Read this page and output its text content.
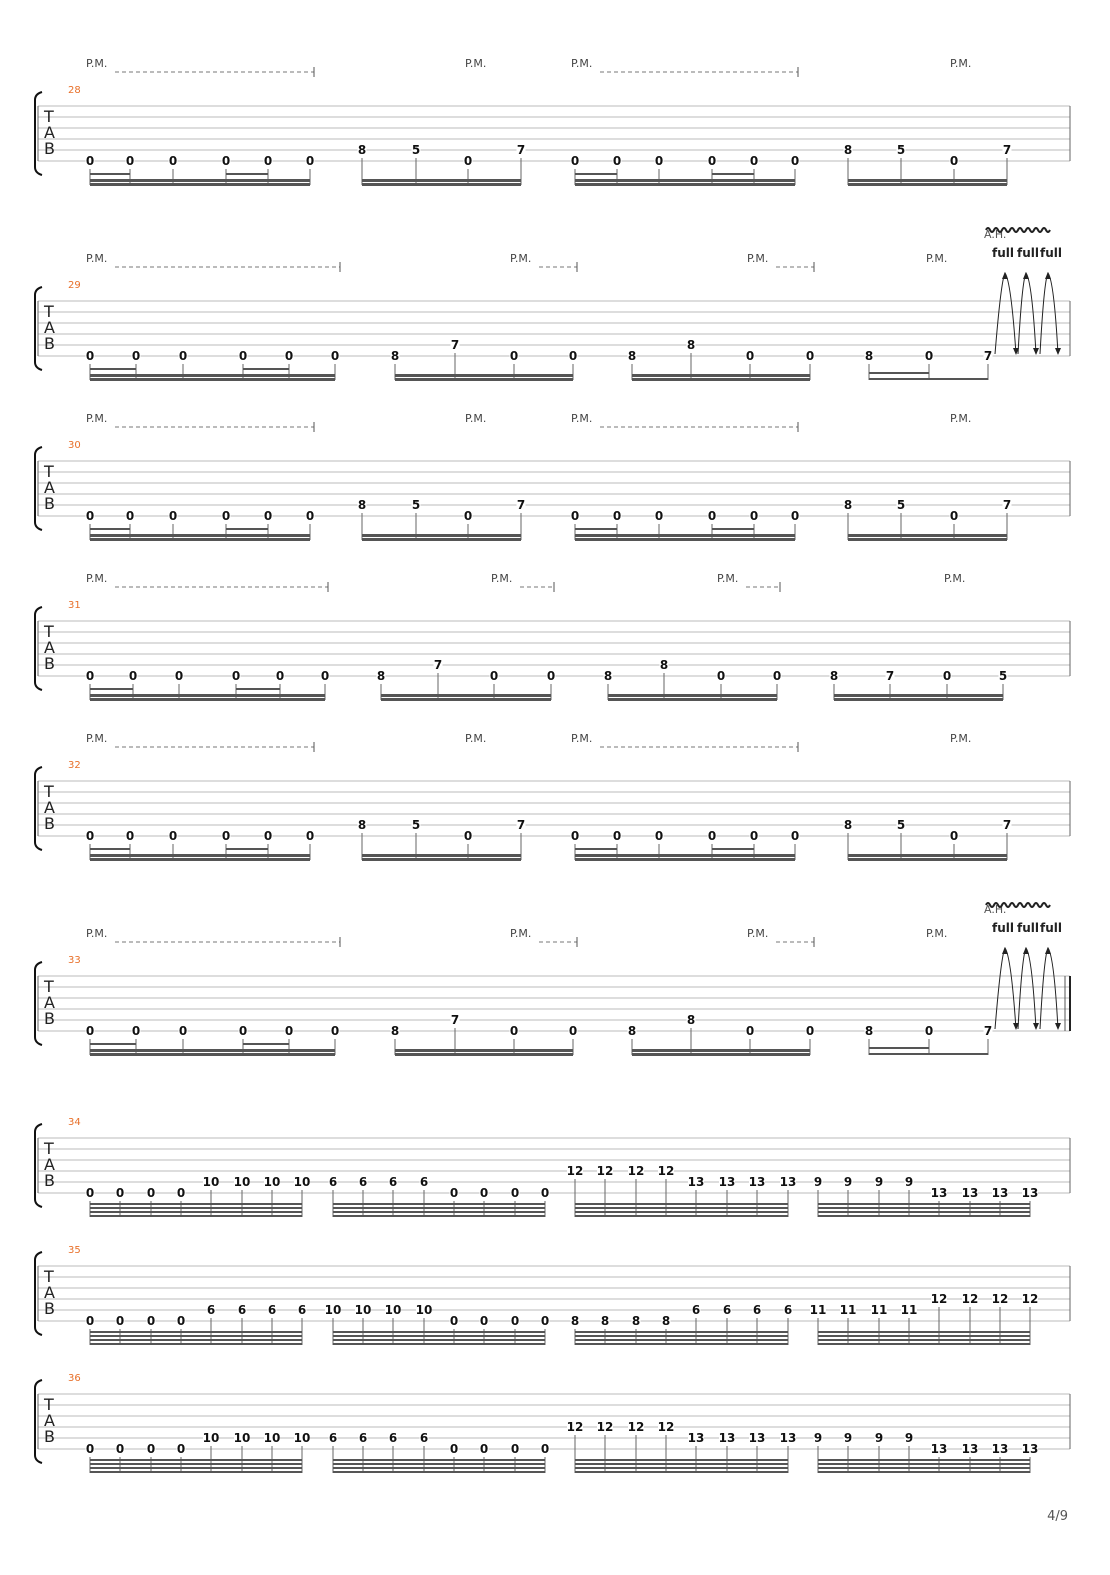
28
T
A
B
P.M.	P.M.	P.M.	P.M.
0	0	0	0	0	0
8	5
0
7
0	0	0	0	0	0
8	5
0
7
29
T
A
B
P.M.	P.M.	P.M.	P.M.
0	0	0	0	0	0	8
7
0	0	8
8
0	0	8	0	7
A.H.
full full full
30
T
A
B
P.M.	P.M.	P.M.	P.M.
0	0	0	0	0	0
8	5
0
7
0	0	0	0	0	0
8	5
0
7
31
T
A
B
P.M.	P.M.	P.M.	P.M.
0	0	0	0	0	0	8
7
0	0	8
8
0	0	8	7	0	5
32
T
A
B
P.M.	P.M.	P.M.	P.M.
0	0	0	0	0	0
8	5
0
7
0	0	0	0	0	0
8	5
0
7
33
T
A
B
P.M.	P.M.	P.M.	P.M.
0	0	0	0	0	0	8
7
0	0	8
8
0	0	8	0	7
A.H.
full full full
34
T
A
B
0 0 0 0
10 10 10 10 6 6 6 6
0 0 0 0
12 12 12 12
13 13 13 13 9 9 9 9
13 13 13 13
35
T
A
B
0 0 0 0
6 6 6 6 10 10 10 10
0 0 0 0 8 8 8 8
6 6 6 6 11 11 11 11
12 12 12 12
36
T
A
B
0 0 0 0
10 10 10 10 6 6 6 6
0 0 0 0
12 12 12 12
13 13 13 13 9 9 9 9
13 13 13 13
4/9
